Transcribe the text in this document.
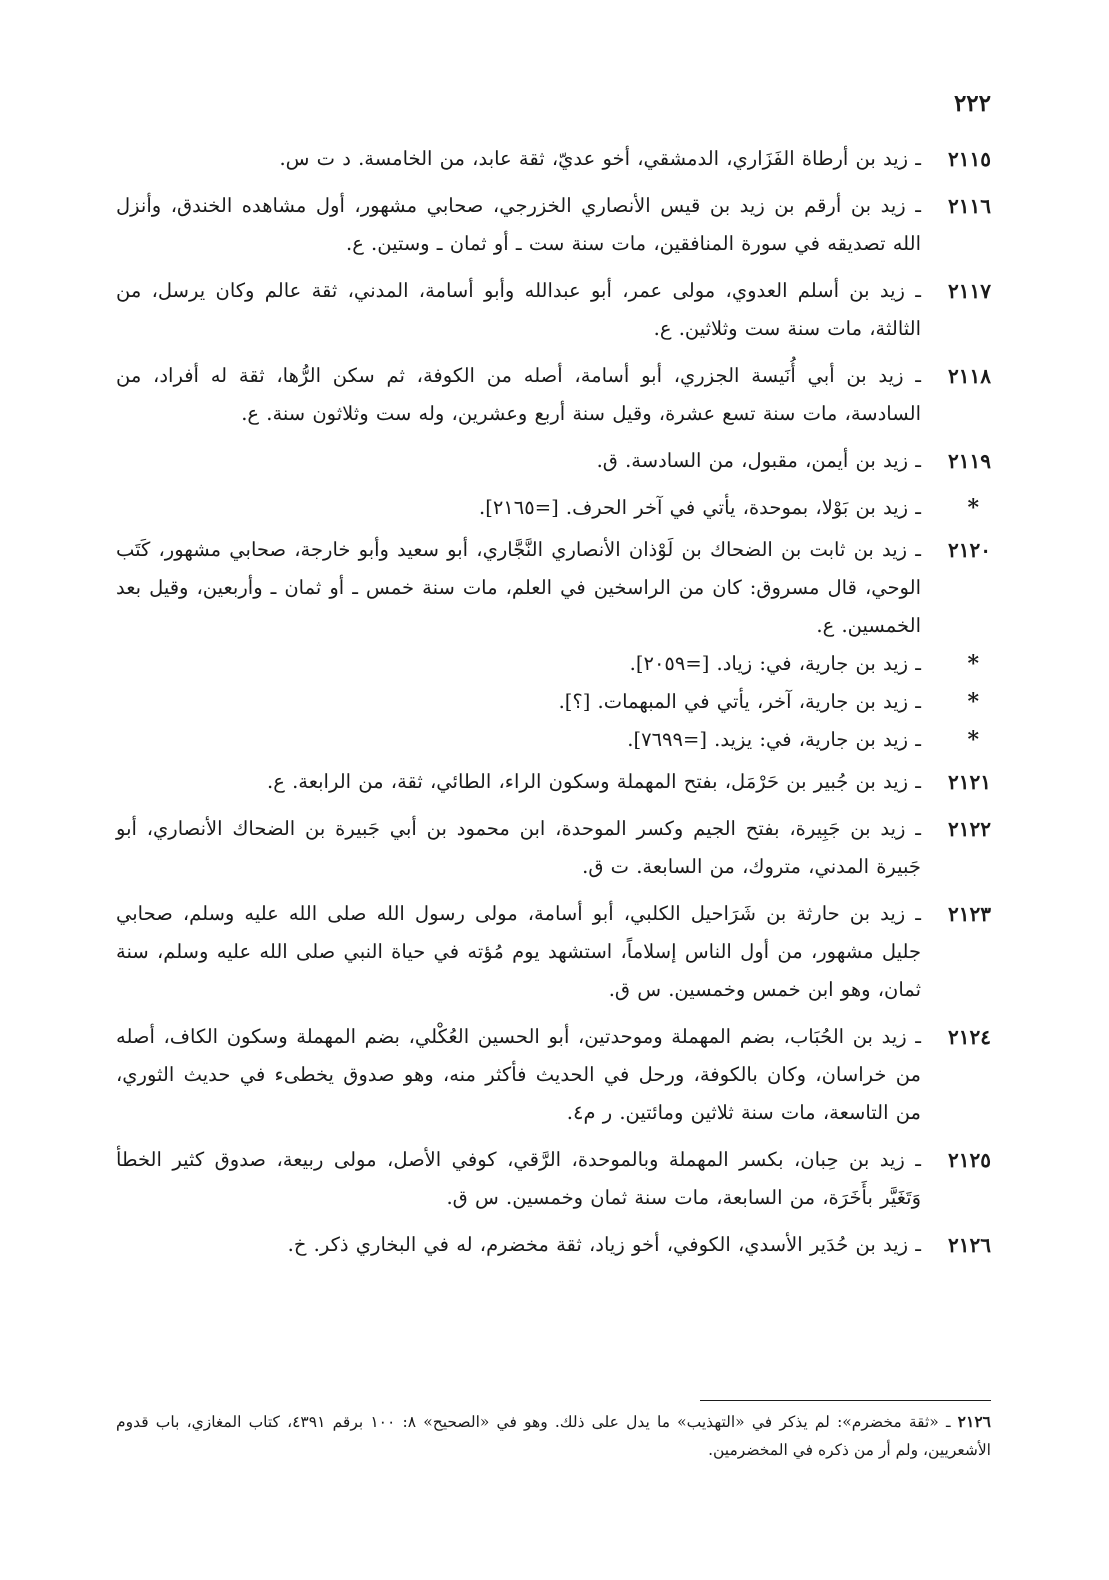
٢٢٢
٢١١٥
ـ زيد بن أرطاة الفَزَاري، الدمشقي، أخو عديّ، ثقة عابد، من الخامسة. د ت س.
٢١١٦
ـ زيد بن أرقم بن زيد بن قيس الأنصاري الخزرجي، صحابي مشهور، أول مشاهده الخندق، وأنزل الله تصديقه في سورة المنافقين، مات سنة ست ـ أو ثمان ـ وستين. ع.
٢١١٧
ـ زيد بن أسلم العدوي، مولى عمر، أبو عبدالله وأبو أسامة، المدني، ثقة عالم وكان يرسل، من الثالثة، مات سنة ست وثلاثين. ع.
٢١١٨
ـ زيد بن أبي أُنَيسة الجزري، أبو أسامة، أصله من الكوفة، ثم سكن الرُّها، ثقة له أفراد، من السادسة، مات سنة تسع عشرة، وقيل سنة أربع وعشرين، وله ست وثلاثون سنة. ع.
٢١١٩
ـ زيد بن أيمن، مقبول، من السادسة. ق.
*
ـ زيد بن بَوْلا، بموحدة، يأتي في آخر الحرف. [=٢١٦٥].
٢١٢٠
ـ زيد بن ثابت بن الضحاك بن لَوْذان الأنصاري النَّجَّاري، أبو سعيد وأبو خارجة، صحابي مشهور، كَتَب الوحي، قال مسروق: كان من الراسخين في العلم، مات سنة خمس ـ أو ثمان ـ وأربعين، وقيل بعد الخمسين. ع.
*
ـ زيد بن جارية، في: زياد. [=٢٠٥٩].
*
ـ زيد بن جارية، آخر، يأتي في المبهمات. [؟].
*
ـ زيد بن جارية، في: يزيد. [=٧٦٩٩].
٢١٢١
ـ زيد بن جُبير بن حَرْمَل، بفتح المهملة وسكون الراء، الطائي، ثقة، من الرابعة. ع.
٢١٢٢
ـ زيد بن جَبِيرة، بفتح الجيم وكسر الموحدة، ابن محمود بن أبي جَبيرة بن الضحاك الأنصاري، أبو جَبيرة المدني، متروك، من السابعة. ت ق.
٢١٢٣
ـ زيد بن حارثة بن شَرَاحيل الكلبي، أبو أسامة، مولى رسول الله صلى الله عليه وسلم، صحابي جليل مشهور، من أول الناس إسلاماً، استشهد يوم مُؤته في حياة النبي صلى الله عليه وسلم، سنة ثمان، وهو ابن خمس وخمسين. س ق.
٢١٢٤
ـ زيد بن الحُبَاب، بضم المهملة وموحدتين، أبو الحسين العُكْلي، بضم المهملة وسكون الكاف، أصله من خراسان، وكان بالكوفة، ورحل في الحديث فأكثر منه، وهو صدوق يخطىء في حديث الثوري، من التاسعة، مات سنة ثلاثين ومائتين. ر م٤.
٢١٢٥
ـ زيد بن حِبان، بكسر المهملة وبالموحدة، الرَّقي، كوفي الأصل، مولى ربيعة، صدوق كثير الخطأ وَتَغَيَّر بأَخَرَة، من السابعة، مات سنة ثمان وخمسين. س ق.
٢١٢٦
ـ زيد بن حُدَير الأسدي، الكوفي، أخو زياد، ثقة مخضرم، له في البخاري ذكر. خ.
٢١٢٦ ـ «ثقة مخضرم»: لم يذكر في «التهذيب» ما يدل على ذلك. وهو في «الصحيح» ٨: ١٠٠ برقم ٤٣٩١، كتاب المغازي، باب قدوم الأشعريين، ولم أر من ذكره في المخضرمين.
